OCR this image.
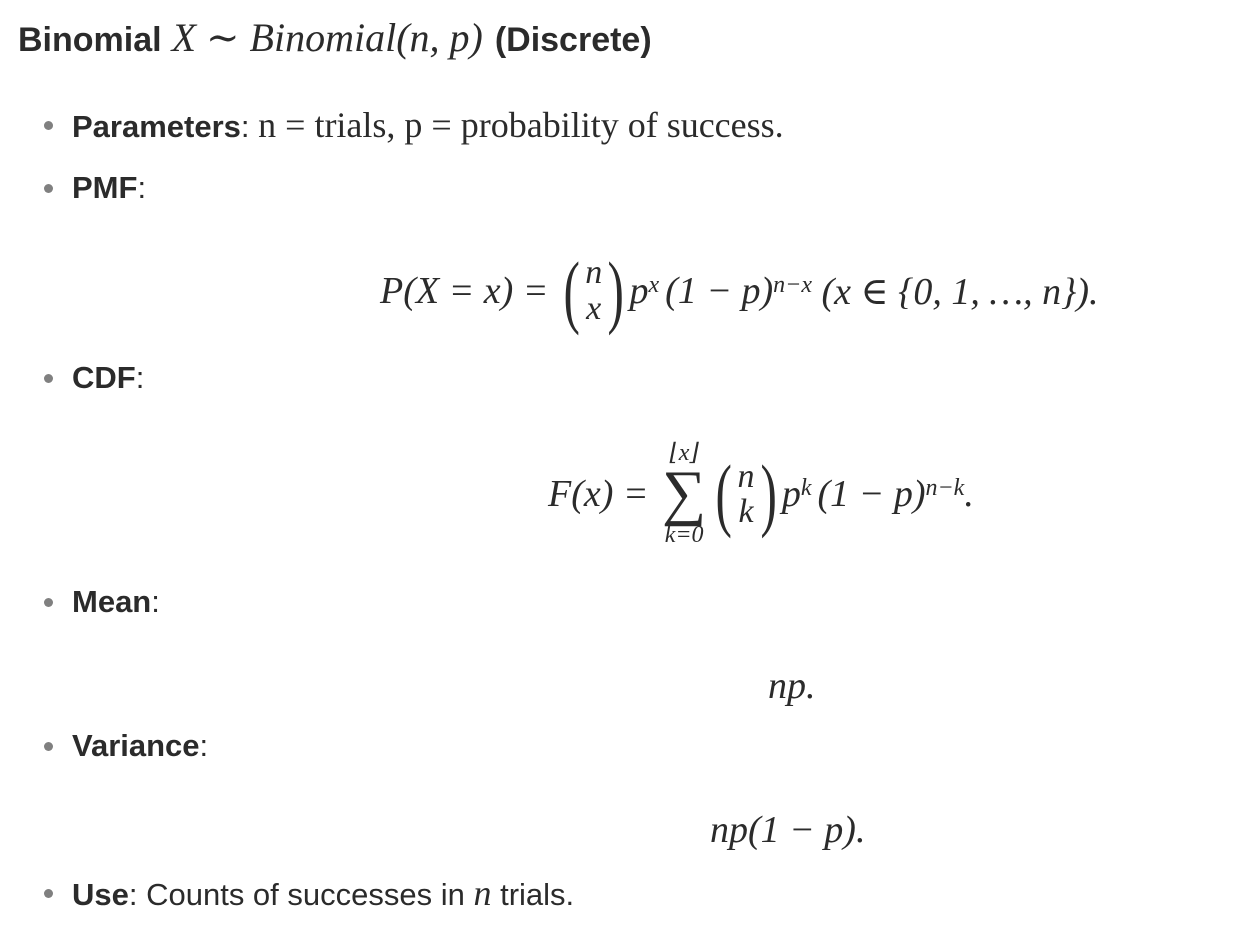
Binomial X ∼ Binomial(n, p) (Discrete)
Parameters : n = trials, p = probability of success.
PMF :
P(X = x) = ( n
x ) p x (1 − p) n−x (x ∈ {0, 1, …, n}).
CDF :
F(x) =
⌊x⌋
∑
k=0 ( n
k ) p k (1 − p) n−k .
Mean :
np.
Variance :
np(1 − p).
Use : Counts of successes in n trials.
